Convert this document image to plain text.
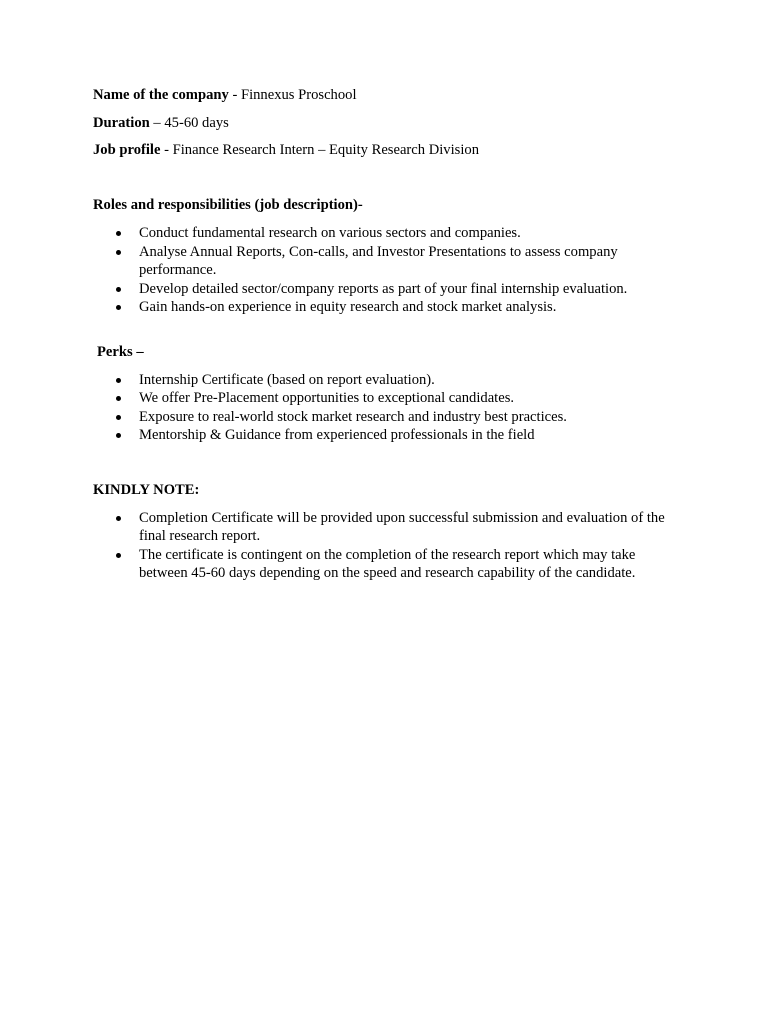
Name of the company - Finnexus Proschool

Duration – 45-60 days

Job profile - Finance Research Intern – Equity Research Division

Roles and responsibilities (job description)-

Conduct fundamental research on various sectors and companies.
Analyse Annual Reports, Con-calls, and Investor Presentations to assess company performance.
Develop detailed sector/company reports as part of your final internship evaluation.
Gain hands-on experience in equity research and stock market analysis.

Perks –

Internship Certificate (based on report evaluation).
We offer Pre-Placement opportunities to exceptional candidates.
Exposure to real-world stock market research and industry best practices.
Mentorship & Guidance from experienced professionals in the field

KINDLY NOTE:

Completion Certificate will be provided upon successful submission and evaluation of the final research report.
The certificate is contingent on the completion of the research report which may take between 45-60 days depending on the speed and research capability of the candidate.
